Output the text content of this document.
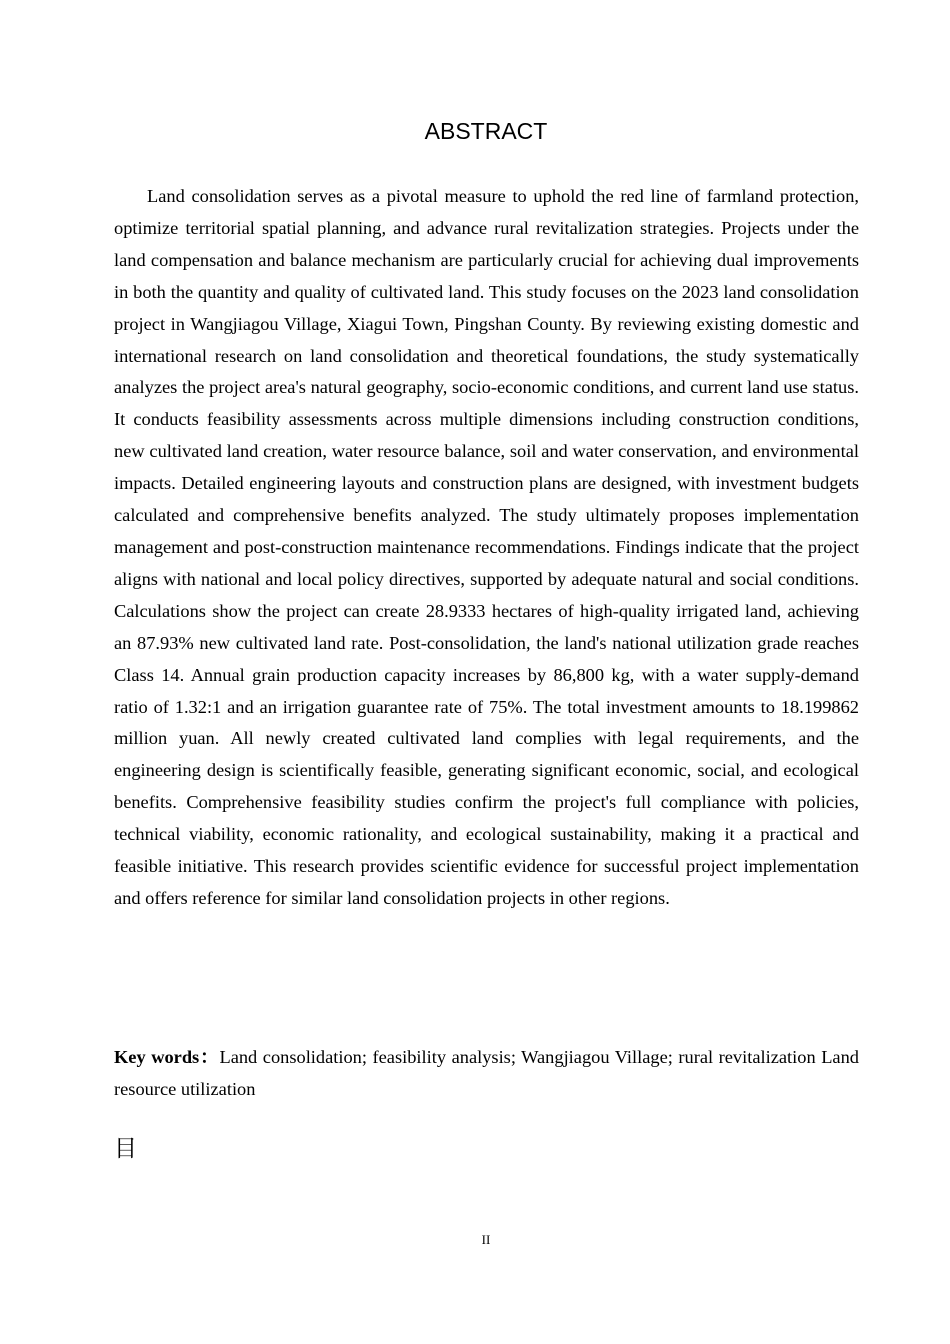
ABSTRACT

Land consolidation serves as a pivotal measure to uphold the red line of farmland protection, optimize territorial spatial planning, and advance rural revitalization strategies. Projects under the land compensation and balance mechanism are particularly crucial for achieving dual improvements in both the quantity and quality of cultivated land. This study focuses on the 2023 land consolidation project in Wangjiagou Village, Xiagui Town, Pingshan County. By reviewing existing domestic and international research on land consolidation and theoretical foundations, the study systematically analyzes the project area's natural geography, socio-economic conditions, and current land use status. It conducts feasibility assessments across multiple dimensions including construction conditions, new cultivated land creation, water resource balance, soil and water conservation, and environmental impacts. Detailed engineering layouts and construction plans are designed, with investment budgets calculated and comprehensive benefits analyzed. The study ultimately proposes implementation management and post-construction maintenance recommendations. Findings indicate that the project aligns with national and local policy directives, supported by adequate natural and social conditions. Calculations show the project can create 28.9333 hectares of high-quality irrigated land, achieving an 87.93% new cultivated land rate. Post-consolidation, the land's national utilization grade reaches Class 14. Annual grain production capacity increases by 86,800 kg, with a water supply-demand ratio of 1.32:1 and an irrigation guarantee rate of 75%. The total investment amounts to 18.199862 million yuan. All newly created cultivated land complies with legal requirements, and the engineering design is scientifically feasible, generating significant economic, social, and ecological benefits. Comprehensive feasibility studies confirm the project's full compliance with policies, technical viability, economic rationality, and ecological sustainability, making it a practical and feasible initiative. This research provides scientific evidence for successful project implementation and offers reference for similar land consolidation projects in other regions.

Key words：Land consolidation; feasibility analysis; Wangjiagou Village; rural revitalization Land resource utilization

目
II
